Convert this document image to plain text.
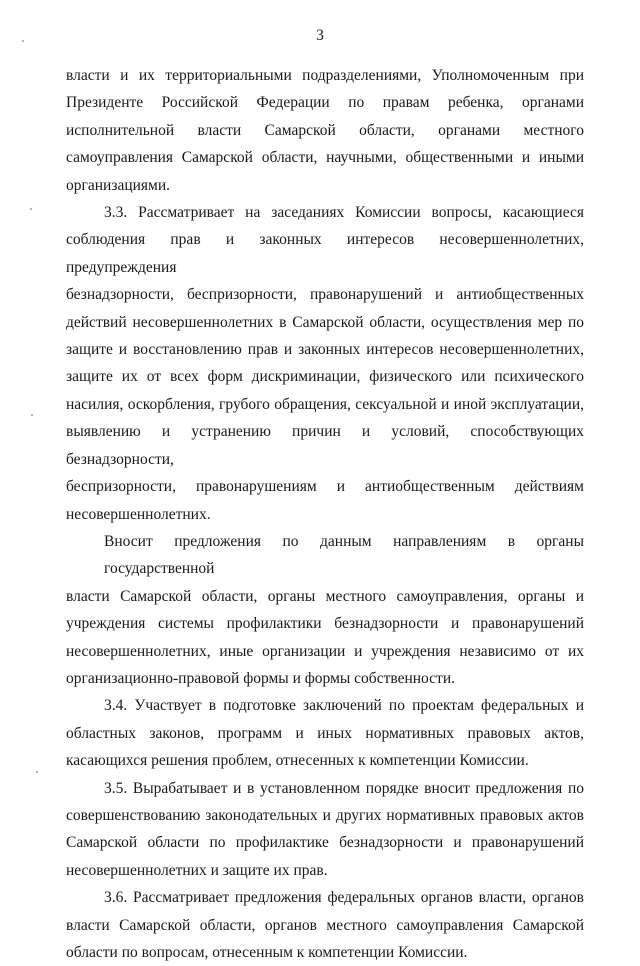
3
власти и их территориальными подразделениями, Уполномоченным при
Президенте Российской Федерации по правам ребенка, органами
исполнительной власти Самарской области, органами местного
самоуправления Самарской области, научными, общественными и иными
организациями.
3.3. Рассматривает на заседаниях Комиссии вопросы, касающиеся
соблюдения прав и законных интересов несовершеннолетних, предупреждения
безнадзорности, беспризорности, правонарушений и антиобщественных
действий несовершеннолетних в Самарской области, осуществления мер по
защите и восстановлению прав и законных интересов несовершеннолетних,
защите их от всех форм дискриминации, физического или психического
насилия, оскорбления, грубого обращения, сексуальной и иной эксплуатации,
выявлению и устранению причин и условий, способствующих безнадзорности,
беспризорности, правонарушениям и антиобщественным действиям
несовершеннолетних.
Вносит предложения по данным направлениям в органы государственной
власти Самарской области, органы местного самоуправления, органы и
учреждения системы профилактики безнадзорности и правонарушений
несовершеннолетних, иные организации и учреждения независимо от их
организационно-правовой формы и формы собственности.
3.4. Участвует в подготовке заключений по проектам федеральных и
областных законов, программ и иных нормативных правовых актов,
касающихся решения проблем, отнесенных к компетенции Комиссии.
3.5. Вырабатывает и в установленном порядке вносит предложения по
совершенствованию законодательных и других нормативных правовых актов
Самарской области по профилактике безнадзорности и правонарушений
несовершеннолетних и защите их прав.
3.6. Рассматривает предложения федеральных органов власти, органов
власти Самарской области, органов местного самоуправления Самарской
области по вопросам, отнесенным к компетенции Комиссии.
